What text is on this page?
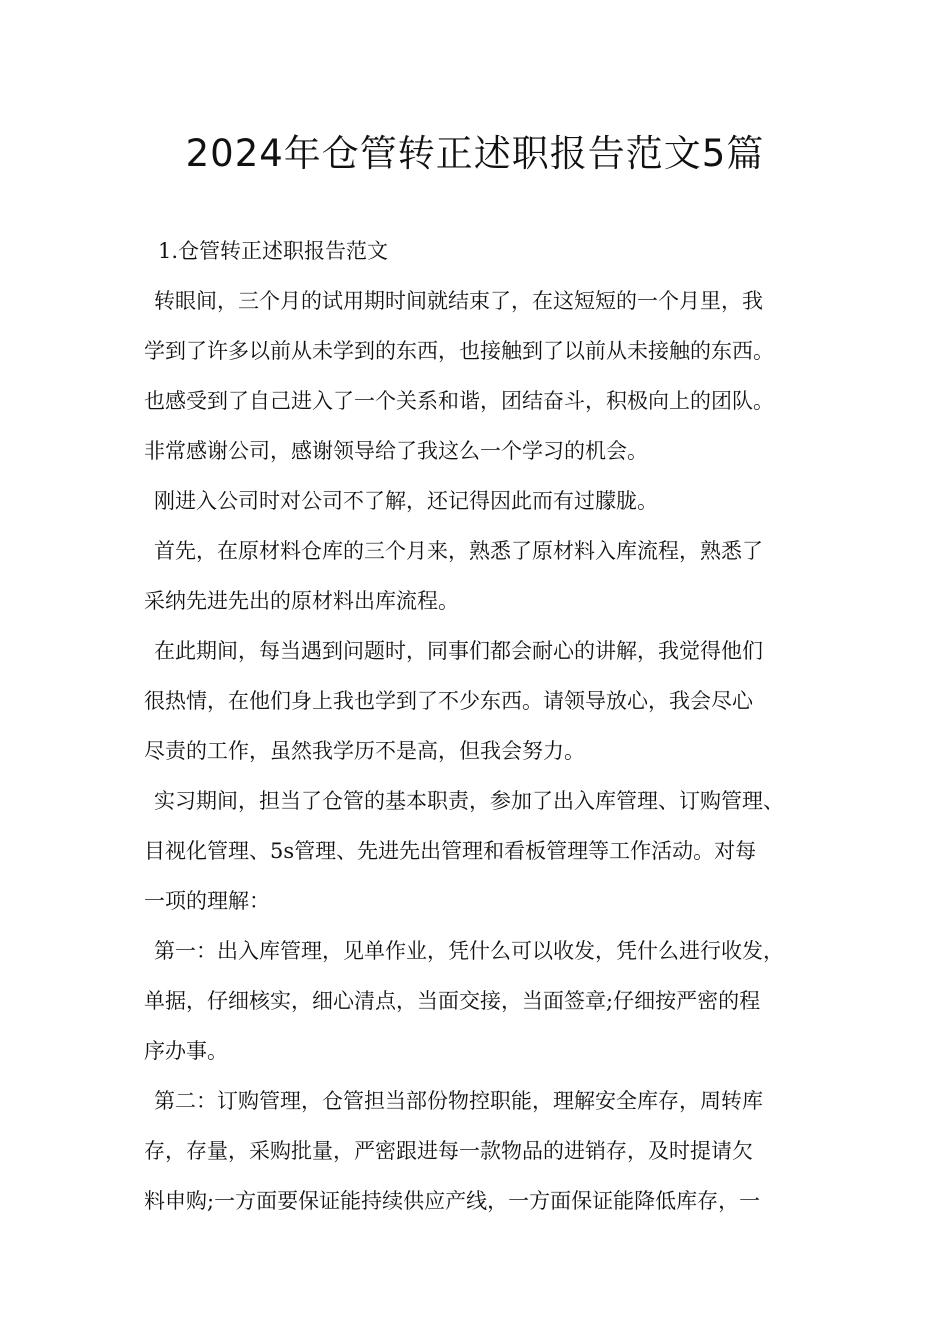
2024年仓管转正述职报告范文5篇
1.仓管转正述职报告范文

转眼间，三个月的试用期时间就结束了，在这短短的一个月里，我
学到了许多以前从未学到的东西，也接触到了以前从未接触的东西。
也感受到了自己进入了一个关系和谐，团结奋斗，积极向上的团队。
非常感谢公司，感谢领导给了我这么一个学习的机会。

刚进入公司时对公司不了解，还记得因此而有过朦胧。

首先，在原材料仓库的三个月来，熟悉了原材料入库流程，熟悉了
采纳先进先出的原材料出库流程。

在此期间，每当遇到问题时，同事们都会耐心的讲解，我觉得他们
很热情，在他们身上我也学到了不少东西。请领导放心，我会尽心
尽责的工作，虽然我学历不是高，但我会努力。

实习期间，担当了仓管的基本职责，参加了出入库管理、订购管理、
目视化管理、5s管理、先进先出管理和看板管理等工作活动。对每
一项的理解：

第一：出入库管理，见单作业，凭什么可以收发，凭什么进行收发，
单据，仔细核实，细心清点，当面交接，当面签章;仔细按严密的程
序办事。

第二：订购管理，仓管担当部份物控职能，理解安全库存，周转库
存，存量，采购批量，严密跟进每一款物品的进销存，及时提请欠
料申购;一方面要保证能持续供应产线，一方面保证能降低库存，一
